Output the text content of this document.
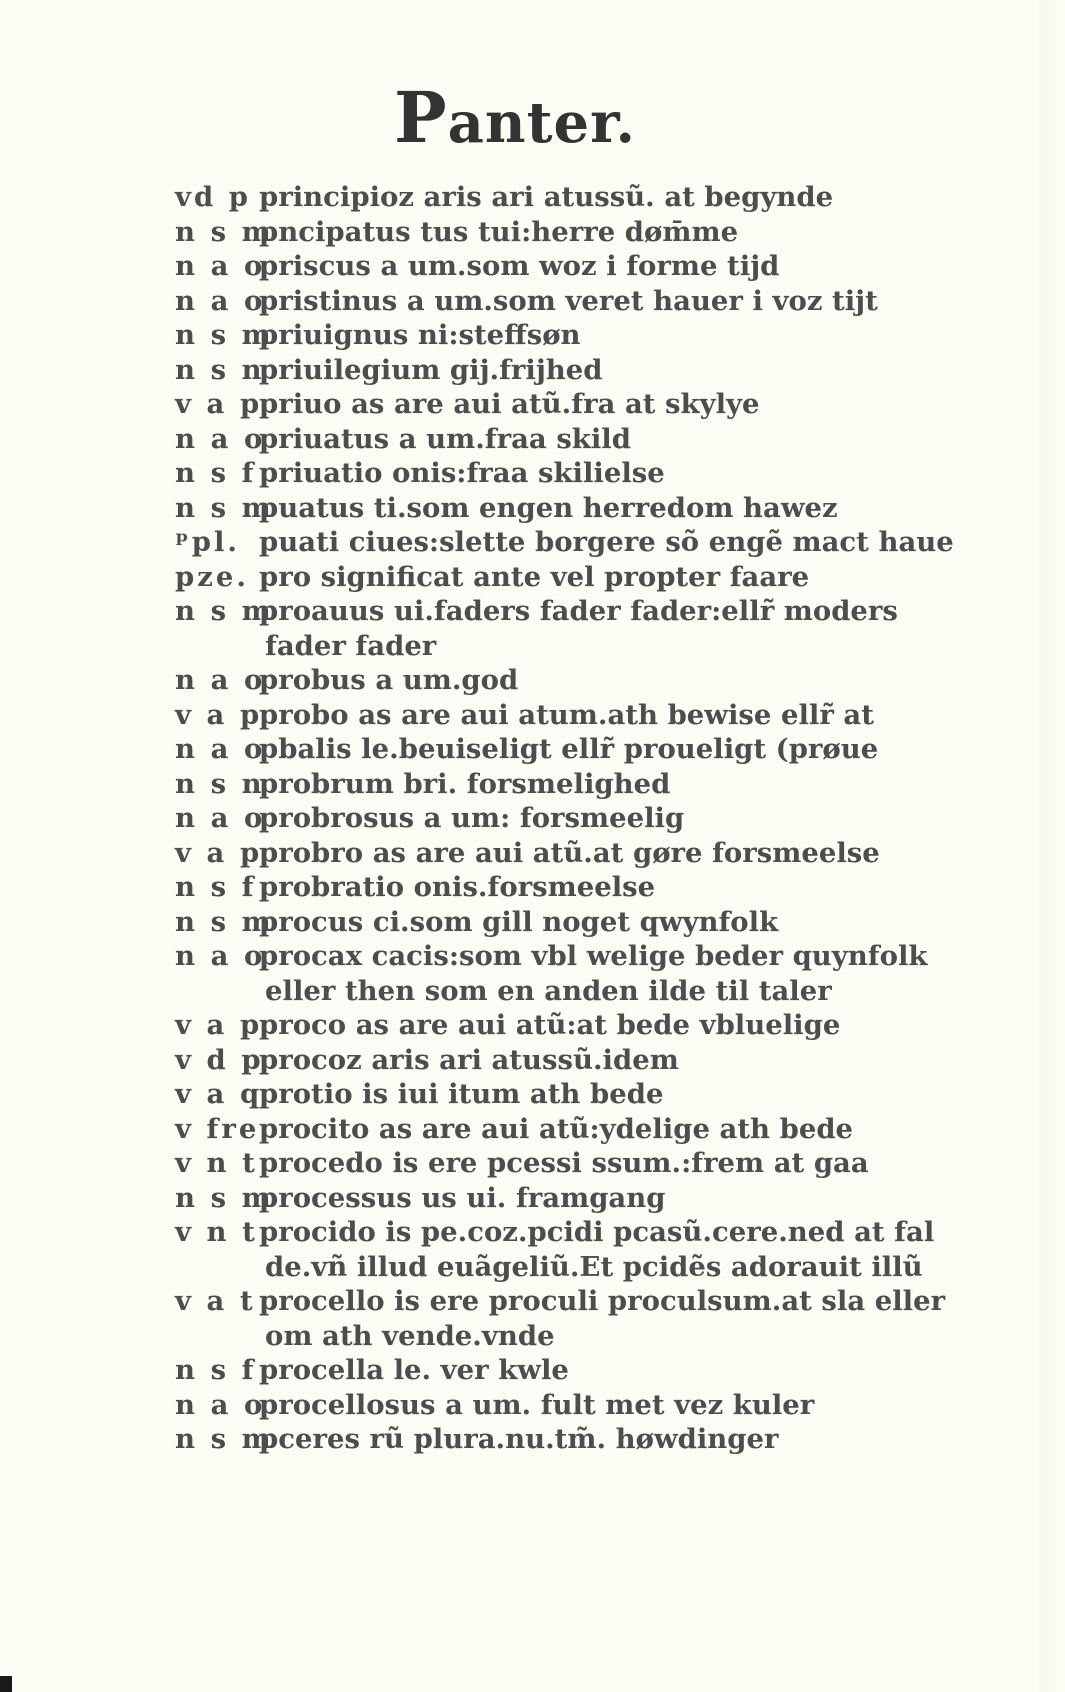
Panter.
vd p principioz aris ari atussũ. at begynde
n s m
pncipatus tus tui:herre døm̄me
n a o
priscus a um.som woz i forme tiјd
n a o
pristinus a um.som veret hauer i voz tiјt
n s m
priuignus ni:steffsøn
n s n
priuilegium gij.friјhed
v a p
priuo as are aui atũ.fra at skylye
n a o
priuatus a um.fraa skild
n s f priuatio onis:fraa skilielse
n s m
puatus ti.som engen herredom hawez
ᵖpl. puati ciues:slette borgere sõ engẽ mact haue
pze. pro significat ante vel propter faare
n s m
proauus ui.faders fader fader:ellr̃ moders
fader fader
n a o
probus a um.god
v a p
probo as are aui atum.ath bewise ellr̃ at
n a o
pbalis le.beuiseligt ellr̃ proueligt (prøue
n s n
probrum bri. forsmelighed
n a o
probrosus a um: forsmeelig
v a p
probro as are aui atũ.at gøre forsmeelse
n s f probratio onis.forsmeelse
n s m
procus ci.som gill noget qwynfolk
n a o
procax cacis:som vbl welige beder quynfolk
eller then som en anden ilde til taler
v a p
proco as are aui atũ:at bede vbluelige
v d p
procoz aris ari atussũ.idem
v a q
protio is iui itum ath bede
v fre.
procito as are aui atũ:ydelige ath bede
v n t procedo is ere pcessi ssum.:frem at gaa
n s m
processus us ui. framgang
v n t procido is pe.coz.pcidi pcasũ.cere.ned at fal
de.vñ illud euãgeliũ.Et pcidẽs adorauit illũ
v a t procello is ere proculi proculsum.at sla eller
om ath vende.vnde
n s f procella le. ver kwle
n a o
procellosus a um. fult met vez kuler
n s m
pceres rũ plura.nu.tm̃. høwdinger
